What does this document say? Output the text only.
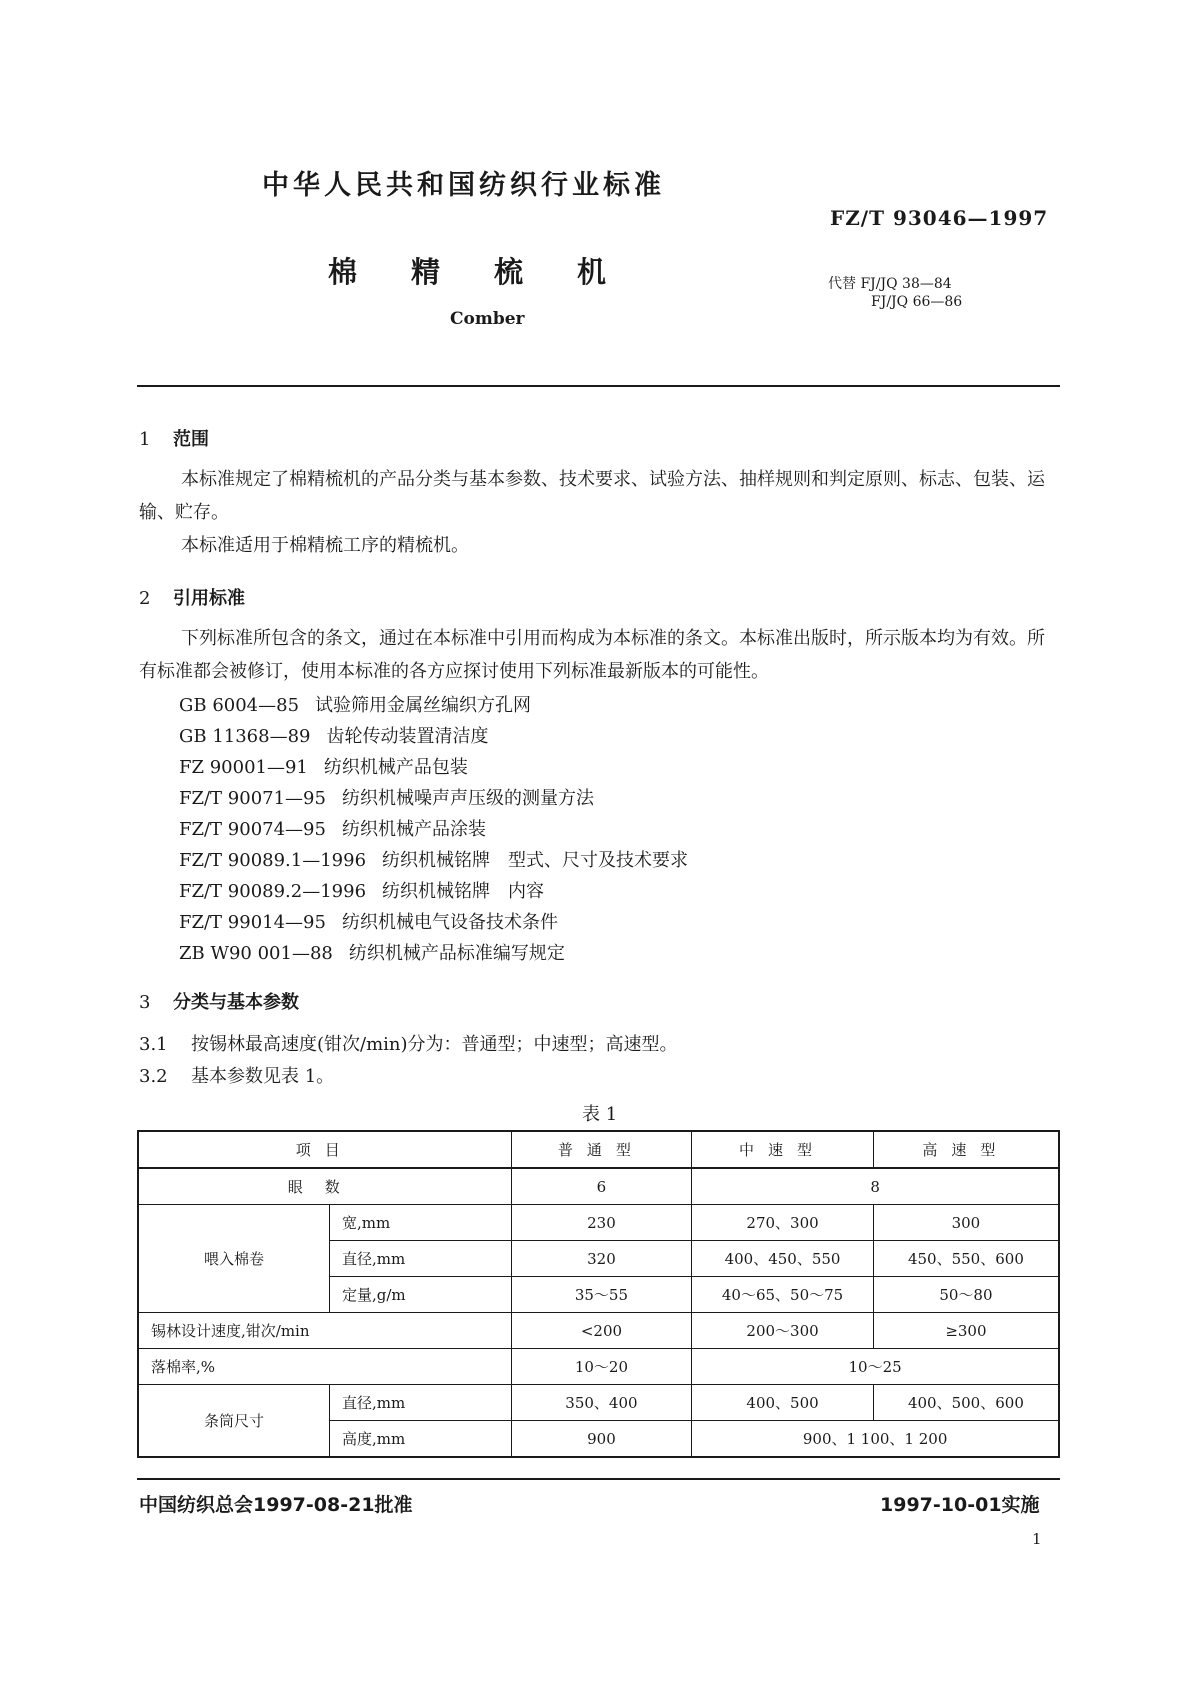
中华人民共和国纺织行业标准
FZ/T 93046—1997
棉精梳机
Comber
代替 FJ/JQ 38—84
FJ/JQ 66—86
1 范围
本标准规定了棉精梳机的产品分类与基本参数、技术要求、试验方法、抽样规则和判定原则、标志、包装、运输、贮存。
本标准适用于棉精梳工序的精梳机。
2 引用标准
下列标准所包含的条文，通过在本标准中引用而构成为本标准的条文。本标准出版时，所示版本均为有效。所有标准都会被修订，使用本标准的各方应探讨使用下列标准最新版本的可能性。
GB 6004—85 试验筛用金属丝编织方孔网
GB 11368—89 齿轮传动装置清洁度
FZ 90001—91 纺织机械产品包装
FZ/T 90071—95 纺织机械噪声声压级的测量方法
FZ/T 90074—95 纺织机械产品涂装
FZ/T 90089.1—1996 纺织机械铭牌　型式、尺寸及技术要求
FZ/T 90089.2—1996 纺织机械铭牌　内容
FZ/T 99014—95 纺织机械电气设备技术条件
ZB W90 001—88 纺织机械产品标准编写规定
3 分类与基本参数
3.1 按锡林最高速度(钳次/min)分为：普通型；中速型；高速型。
3.2 基本参数见表 1。
表 1
项目		普通型	中速型	高速型
眼数		6	8	
喂入棉卷	宽,mm	230	270、300	300
	直径,mm	320	400、450、550	450、550、600
	定量,g/m	35～55	40～65、50～75	50～80
锡林设计速度,钳次/min		<200	200～300	≥300
落棉率,%		10～20	10～25	
条筒尺寸	直径,mm	350、400	400、500	400、500、600
	高度,mm	900	900、1 100、1 200	
中国纺织总会1997-08-21批准	1997-10-01实施
1
